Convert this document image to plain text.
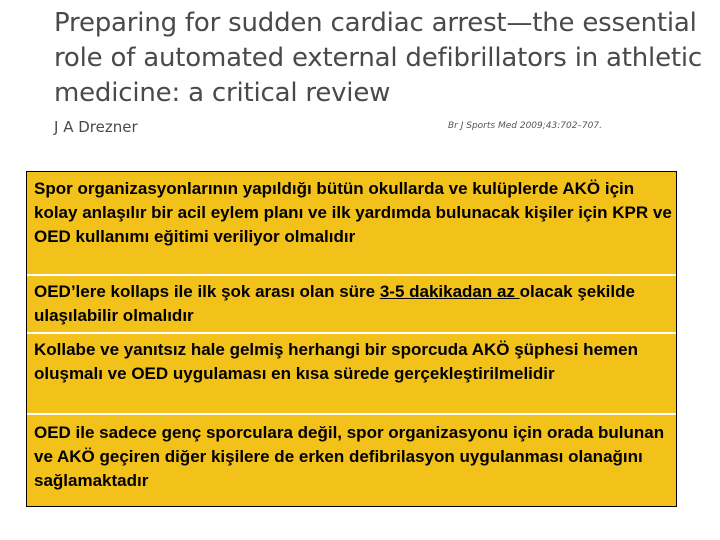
Preparing for sudden cardiac arrest—the essential
role of automated external defibrillators in athletic
medicine: a critical review
J A Drezner	Br J Sports Med 2009;43:702–707.
Spor organizasyonlarının yapıldığı bütün okullarda ve kulüplerde AKÖ için kolay anlaşılır bir acil eylem planı ve ilk yardımda bulunacak kişiler için KPR ve OED kullanımı eğitimi veriliyor olmalıdır
OED’lere kollaps ile ilk şok arası olan süre 3-5 dakikadan az olacak şekilde ulaşılabilir olmalıdır
Kollabe ve yanıtsız hale gelmiş herhangi bir sporcuda AKÖ şüphesi hemen oluşmalı ve OED uygulaması en kısa sürede gerçekleştirilmelidir
OED ile sadece genç sporculara değil, spor organizasyonu için orada bulunan ve AKÖ geçiren diğer kişilere de erken defibrilasyon uygulanması olanağını sağlamaktadır
